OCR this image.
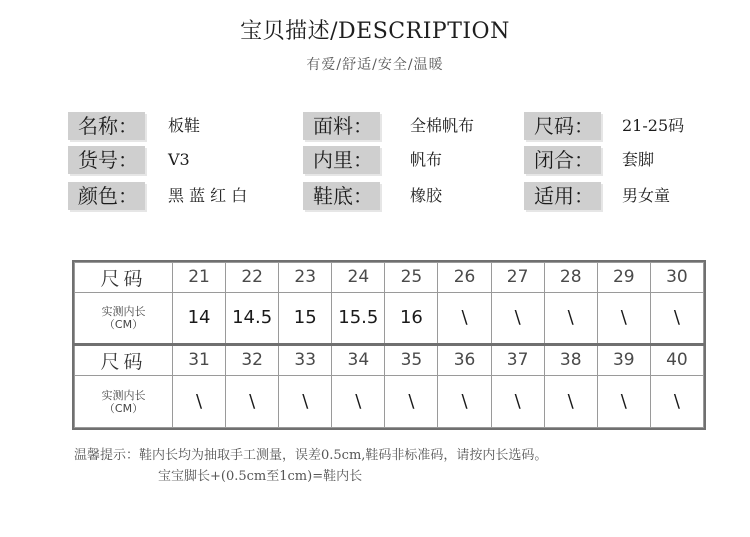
宝贝描述/DESCRIPTION
有爱/舒适/安全/温暖
名称：	板鞋	面料：	全棉帆布	尺码：	21-25码
货号：	V3	内里：	帆布	闭合：	套脚
颜色：	黑 蓝 红 白	鞋底：	橡胶	适用：	男女童
尺码	21	22	23	24	25	26	27	28	29	30

实测内长
（CM）	14	14.5	15	15.5	16	\	\	\	\	\
尺码	31	32	33	34	35	36	37	38	39	40

实测内长
（CM）	\	\	\	\	\	\	\	\	\	\
温馨提示：鞋内长均为抽取手工测量，误差0.5cm,鞋码非标准码，请按内长选码。
宝宝脚长+(0.5cm至1cm)=鞋内长
